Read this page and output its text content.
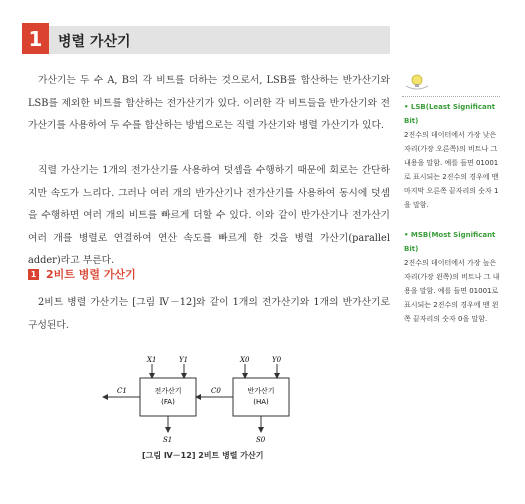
1	병렬 가산기

가산기는 두 수 A, B의 각 비트를 더하는 것으로서, LSB를 합산하는 반가산기와 LSB를 제외한 비트를 합산하는 전가산기가 있다. 이러한 각 비트들을 반가산기와 전가산기를 사용하여 두 수를 합산하는 방법으로는 직렬 가산기와 병렬 가산기가 있다.

직렬 가산기는 1개의 전가산기를 사용하여 덧셈을 수행하기 때문에 회로는 간단하지만 속도가 느리다. 그러나 여러 개의 반가산기나 전가산기를 사용하여 동시에 덧셈을 수행하면 여러 개의 비트를 빠르게 더할 수 있다. 이와 같이 반가산기나 전가산기 여러 개를 병렬로 연결하여 연산 속도를 빠르게 한 것을 병렬 가산기(parallel adder)라고 부른다.

1 2비트 병렬 가산기

2비트 병렬 가산기는 [그림 Ⅳ－12]와 같이 1개의 전가산기와 1개의 반가산기로 구성된다.

• LSB(Least Significant Bit)
2진수의 데이터에서 가장 낮은 자리(가장 오른쪽)의 비트나 그 내용을 말함. 예를 들면 01001로 표시되는 2진수의 경우에 맨 마지막 오른쪽 끝자리의 숫자 1을 말함.
• MSB(Most Significant Bit)
2진수의 데이터에서 가장 높은 자리(가장 왼쪽)의 비트나 그 내용을 말함. 예를 들면 01001로 표시되는 2진수의 경우에 맨 왼쪽 끝자리의 숫자 0을 말함.
전가산기
(FA)
반가산기
(HA)
X1	Y1	X0	Y0
C0
C1
S1	S0
[그림 Ⅳ－12] 2비트 병렬 가산기
